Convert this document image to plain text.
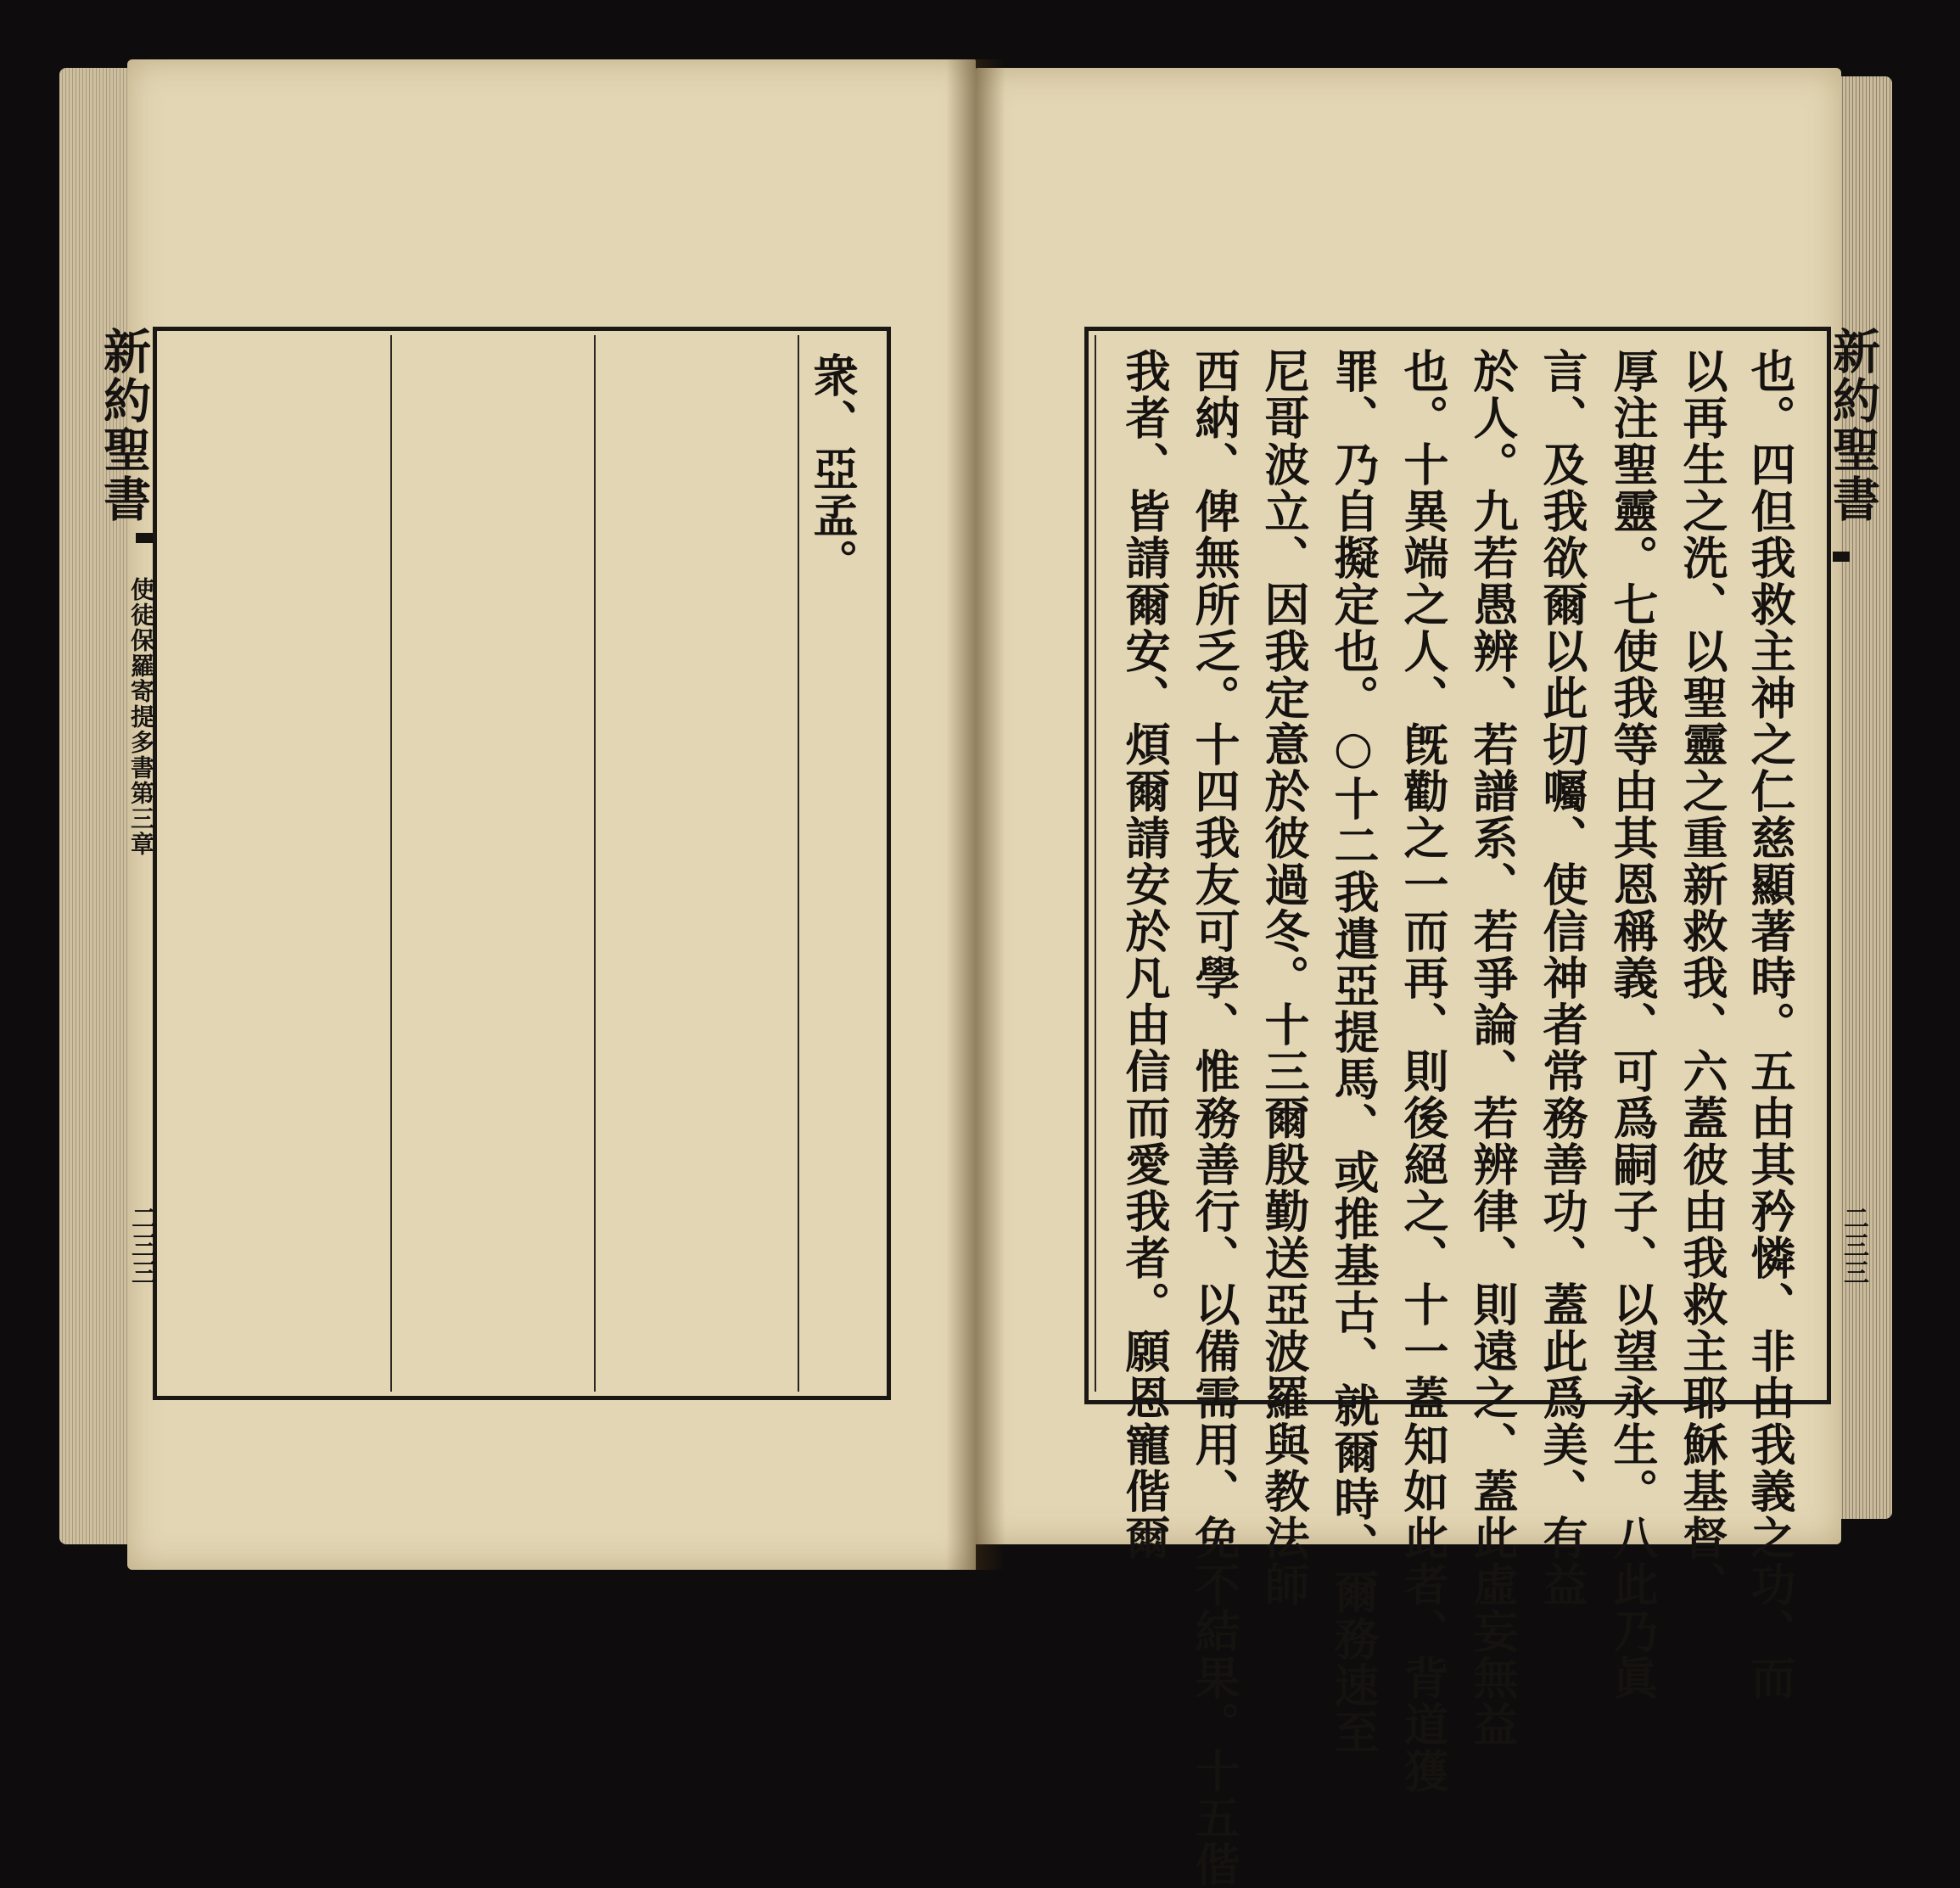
新約聖書
使徒保羅寄提多書第三章
二三三
衆、亞孟。	新約聖書
二三三
也。四但我救主神之仁慈顯著時。五由其矜憐、非由我義之功、而
以再生之洗、以聖靈之重新救我、六蓋彼由我救主耶穌基督、
厚注聖靈。七使我等由其恩稱義、可爲嗣子、以望永生。八此乃眞
言、及我欲爾以此切囑、使信神者常務善功、蓋此爲美、有益
於人。九若愚辨、若譜系、若爭論、若辨律、則遠之、蓋此虛妄無益
也。十異端之人、旣勸之一而再、則後絕之、十一蓋知如此者、背道獲
罪、乃自擬定也。○十二我遣亞提馬、或推基古、就爾時、爾務速至
尼哥波立、因我定意於彼過冬。十三爾殷勤送亞波羅與教法師
西納、俾無所乏。十四我友可學、惟務善行、以備需用、免不結果。十五偕
我者、皆請爾安、煩爾請安於凡由信而愛我者。願恩寵偕爾
